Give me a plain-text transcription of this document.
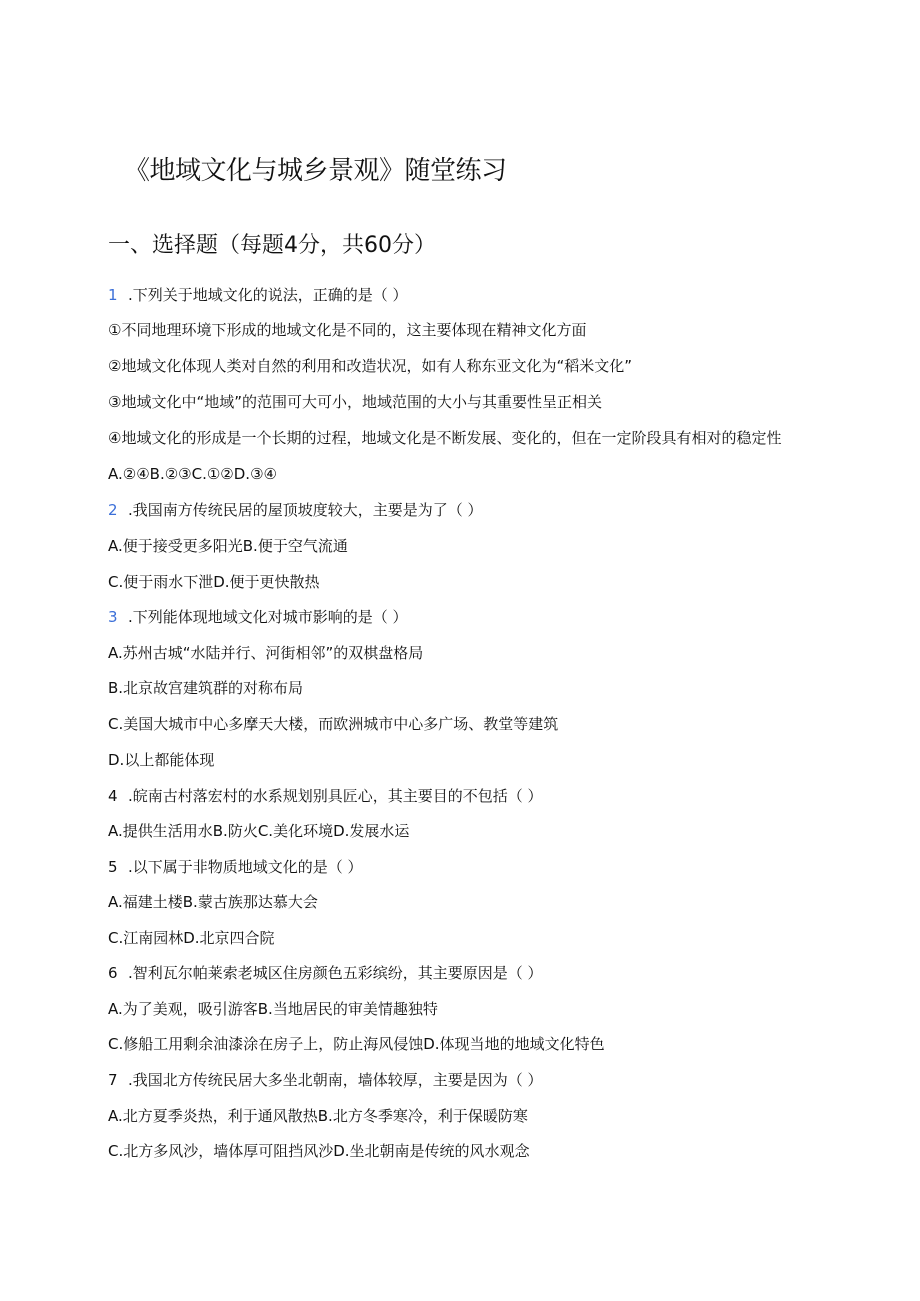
《地域文化与城乡景观》随堂练习
一、选择题（每题4分，共60分）
1 .下列关于地域文化的说法，正确的是（ ）
①不同地理环境下形成的地域文化是不同的，这主要体现在精神文化方面
②地域文化体现人类对自然的利用和改造状况，如有人称东亚文化为“稻米文化”
③地域文化中“地域”的范围可大可小，地域范围的大小与其重要性呈正相关
④地域文化的形成是一个长期的过程，地域文化是不断发展、变化的，但在一定阶段具有相对的稳定性
A.②④B.②③C.①②D.③④
2 .我国南方传统民居的屋顶坡度较大，主要是为了（ ）
A.便于接受更多阳光B.便于空气流通
C.便于雨水下泄D.便于更快散热
3 .下列能体现地域文化对城市影响的是（ ）
A.苏州古城“水陆并行、河街相邻”的双棋盘格局
B.北京故宫建筑群的对称布局
C.美国大城市中心多摩天大楼，而欧洲城市中心多广场、教堂等建筑
D.以上都能体现
4 .皖南古村落宏村的水系规划别具匠心，其主要目的不包括（ ）
A.提供生活用水B.防火C.美化环境D.发展水运
5 .以下属于非物质地域文化的是（ ）
A.福建土楼B.蒙古族那达慕大会
C.江南园林D.北京四合院
6 .智利瓦尔帕莱索老城区住房颜色五彩缤纷，其主要原因是（ ）
A.为了美观，吸引游客B.当地居民的审美情趣独特
C.修船工用剩余油漆涂在房子上，防止海风侵蚀D.体现当地的地域文化特色
7 .我国北方传统民居大多坐北朝南，墙体较厚，主要是因为（ ）
A.北方夏季炎热，利于通风散热B.北方冬季寒冷，利于保暖防寒
C.北方多风沙，墙体厚可阻挡风沙D.坐北朝南是传统的风水观念
